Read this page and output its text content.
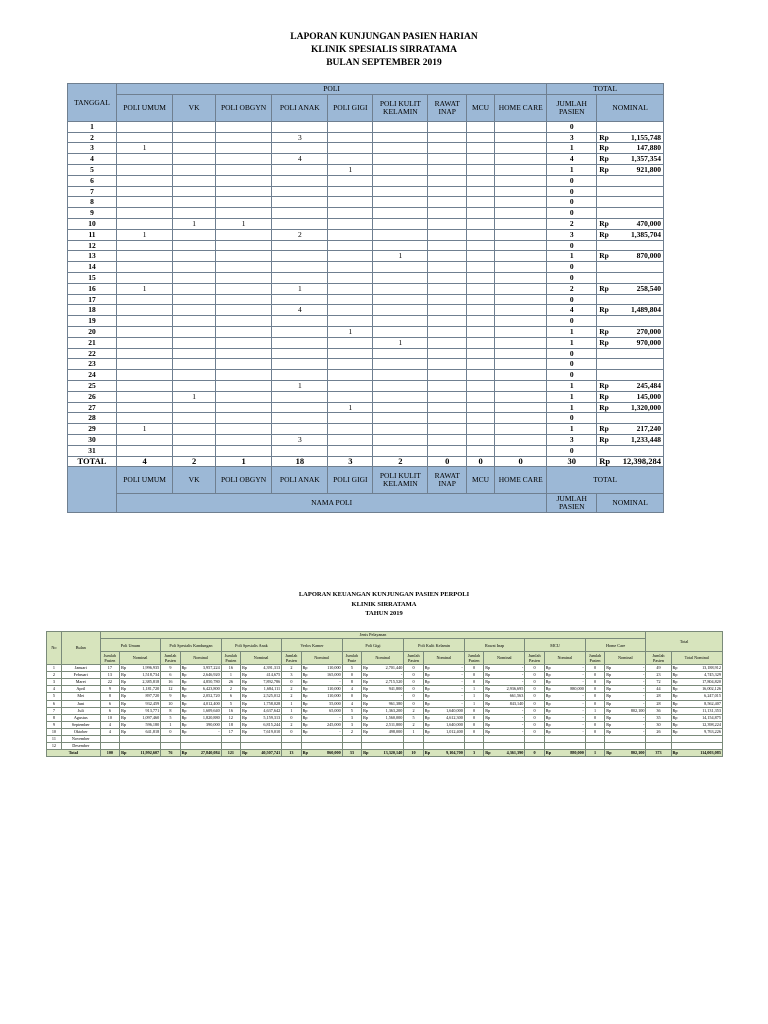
LAPORAN KUNJUNGAN PASIEN HARIAN
KLINIK SPESIALIS SIRRATAMA
BULAN SEPTEMBER 2019
TANGGAL	POLI									TOTAL	
	POLI UMUM	VK	POLI OBGYN	POLI ANAK	POLI GIGI	POLI KULIT KELAMIN	RAWAT INAP	MCU	HOME CARE	JUMLAH PASIEN	NOMINAL
1										0	
2				3						3	Rp 1,155,748

3	1									1	Rp 147,880

4				4						4	Rp 1,357,354

5					1					1	Rp 921,800

6										0	
7										0	
8										0	
9										0	
10		1	1							2	Rp 470,000

11	1			2						3	Rp 1,385,704

12										0	
13						1				1	Rp 870,000

14										0	
15										0	
16	1			1						2	Rp 258,540

17										0	
18				4						4	Rp 1,489,804

19										0	
20					1					1	Rp 270,000

21						1				1	Rp 970,000

22										0	
23										0	
24										0	
25				1						1	Rp 245,484

26		1								1	Rp 145,000

27					1					1	Rp 1,320,000

28										0	
29	1									1	Rp 217,240

30				3						3	Rp 1,233,448

31										0	
TOTAL	4	2	1	18	3	2	0	0	0	30	Rp 12,398,284

	POLI UMUM	VK	POLI OBGYN	POLI ANAK	POLI GIGI	POLI KULIT KELAMIN	RAWAT INAP	MCU	HOME CARE	TOTAL	
	NAMA POLI									JUMLAH PASIEN	NOMINAL
LAPORAN KEUANGAN KUNJUNGAN PASIEN PERPOLI
KLINIK SIRRATAMA
TAHUN 2019
No	Bulan	Jenis Pelayanan																		Total	
		Poli Umum		Poli Spesialis Kandungan		Poli Spesialis Anak		Verlos Kamer		Poli Gigi		Poli Kulit Kelamin		Rawat Inap		MCU		Home Care			
		Jumlah Pasien	Nominal	Jumlah Pasien	Nominal	Jumlah Pasien	Nominal	Jumlah Pasien	Nominal	Jumlah Pasie	Nominal	Jumlah Pasien	Nominal	Jumlah Pasien	Nominal	Jumlah Pasien	Nominal	Jumlah Pasien	Nominal	Jumlah Pasien	Total Nominal
1	Januari	17	Rp 1,996,935	9	Rp 3,957,224	16	Rp 4,391,313	2	Rp 110,000	5	Rp 2,701,440	0	Rp -	0	Rp -	0	Rp -	0	Rp -	49	Rp 13,188,912

2	Februari	13	Rp 1,518,734	6	Rp 2,646,920	1	Rp 414,675	3	Rp 165,000	0	Rp -	0	Rp -	0	Rp -	0	Rp -	0	Rp -	23	Rp 4,745,329

3	Maret	22	Rp 2,385,818	16	Rp 4,850,780	26	Rp 7,892,786	0	Rp -	8	Rp 2,715,520	0	Rp -	0	Rp -	0	Rp -	0	Rp -	72	Rp 17,804,820

4	April	9	Rp 1,181,720	12	Rp 6,423,800	2	Rp 1,684,111	2	Rp 110,000	4	Rp 941,800	0	Rp -	1	Rp 2,936,695	0	Rp 880,000	0	Rp -	44	Rp 16,002,126

5	Mei	8	Rp 897,720	9	Rp 2,052,720	6	Rp 2,525,012	2	Rp 110,000	0	Rp -	0	Rp -	1	Rp 661,563	0	Rp -	0	Rp -	28	Rp 6,247,015

6	Juni	6	Rp 932,459	10	Rp 4,012,400	5	Rp 1,758,028	1	Rp 55,000	4	Rp 961,380	0	Rp -	1	Rp 843,140	0	Rp -	0	Rp -	28	Rp 8,562,407

7	Juli	6	Rp 913,771	8	Rp 1,609,640	16	Rp 4,637,642	1	Rp 65,000	5	Rp 1,363,200	2	Rp 1,640,000	0	Rp -	0	Rp -	1	Rp 802,100	36	Rp 11,131,353

8	Agustus	10	Rp 1,097,460	5	Rp 1,820,880	12	Rp 5,159,313	0	Rp -	3	Rp 1,560,000	5	Rp 4,612,300	0	Rp -	0	Rp -	0	Rp -	35	Rp 14,154,875

9	September	4	Rp 596,180	1	Rp 390,000	18	Rp 6,815,244	2	Rp 245,000	3	Rp 2,511,800	2	Rp 1,640,000	0	Rp -	0	Rp -	0	Rp -	30	Rp 12,398,224

10	Oktober	4	Rp 641,818	0	Rp -	17	Rp 7,619,010	0	Rp -	2	Rp 498,000	1	Rp 1,012,400	0	Rp -	0	Rp -	0	Rp -	26	Rp 9,763,226

11	November																				
12	Desember																				
Total		100	Rp 11,992,607	76	Rp 27,840,084	121	Rp 40,507,741	13	Rp 860,000	33	Rp 13,320,140	10	Rp 9,104,700	3	Rp 4,361,390	0	Rp 880,000	1	Rp 802,100	373	Rp 114,003,085
